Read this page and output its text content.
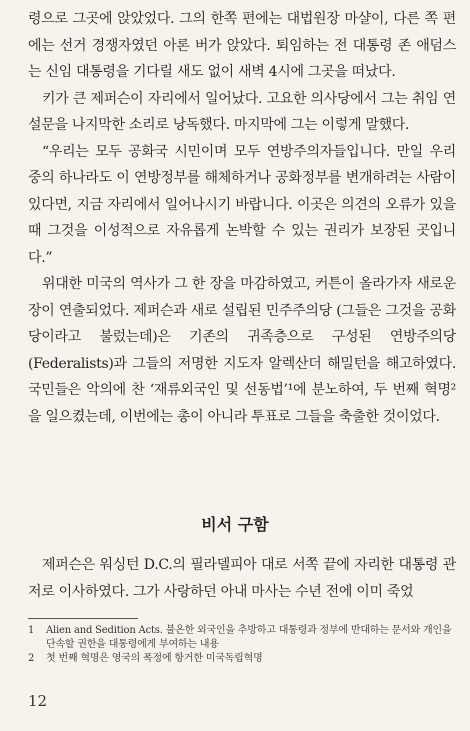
령으로 그곳에 앉았었다. 그의 한쪽 편에는 대법원장 마샬이, 다른 쪽 편에는 선거 경쟁자였던 아론 버가 앉았다. 퇴임하는 전 대통령 존 애덤스는 신임 대통령을 기다릴 새도 없이 새벽 4시에 그곳을 떠났다.

키가 큰 제퍼슨이 자리에서 일어났다. 고요한 의사당에서 그는 취임 연설문을 나지막한 소리로 낭독했다. 마지막에 그는 이렇게 말했다.

“우리는 모두 공화국 시민이며 모두 연방주의자들입니다. 만일 우리 중의 하나라도 이 연방정부를 해체하거나 공화정부를 변개하려는 사람이 있다면, 지금 자리에서 일어나시기 바랍니다. 이곳은 의견의 오류가 있을 때 그것을 이성적으로 자유롭게 논박할 수 있는 권리가 보장된 곳입니다.”

위대한 미국의 역사가 그 한 장을 마감하였고, 커튼이 올라가자 새로운 장이 연출되었다. 제퍼슨과 새로 설립된 민주주의당 (그들은 그것을 공화당이라고 불렀는데)은 기존의 귀족층으로 구성된 연방주의당(Federalists)과 그들의 저명한 지도자 알렉산더 해밀턴을 해고하였다. 국민들은 악의에 찬 ‘재류외국인 및 선동법’¹에 분노하여, 두 번째 혁명²을 일으켰는데, 이번에는 총이 아니라 투표로 그들을 축출한 것이었다.

비서 구함

제퍼슨은 워싱턴 D.C.의 필라델피아 대로 서쪽 끝에 자리한 대통령 관저로 이사하였다. 그가 사랑하던 아내 마사는 수년 전에 이미 죽었

1	Alien and Sedition Acts. 불온한 외국인을 추방하고 대통령과 정부에 반대하는 문서와 개인을 단속할 권한을 대통령에게 부여하는 내용
2	첫 번째 혁명은 영국의 폭정에 항거한 미국독립혁명
12
